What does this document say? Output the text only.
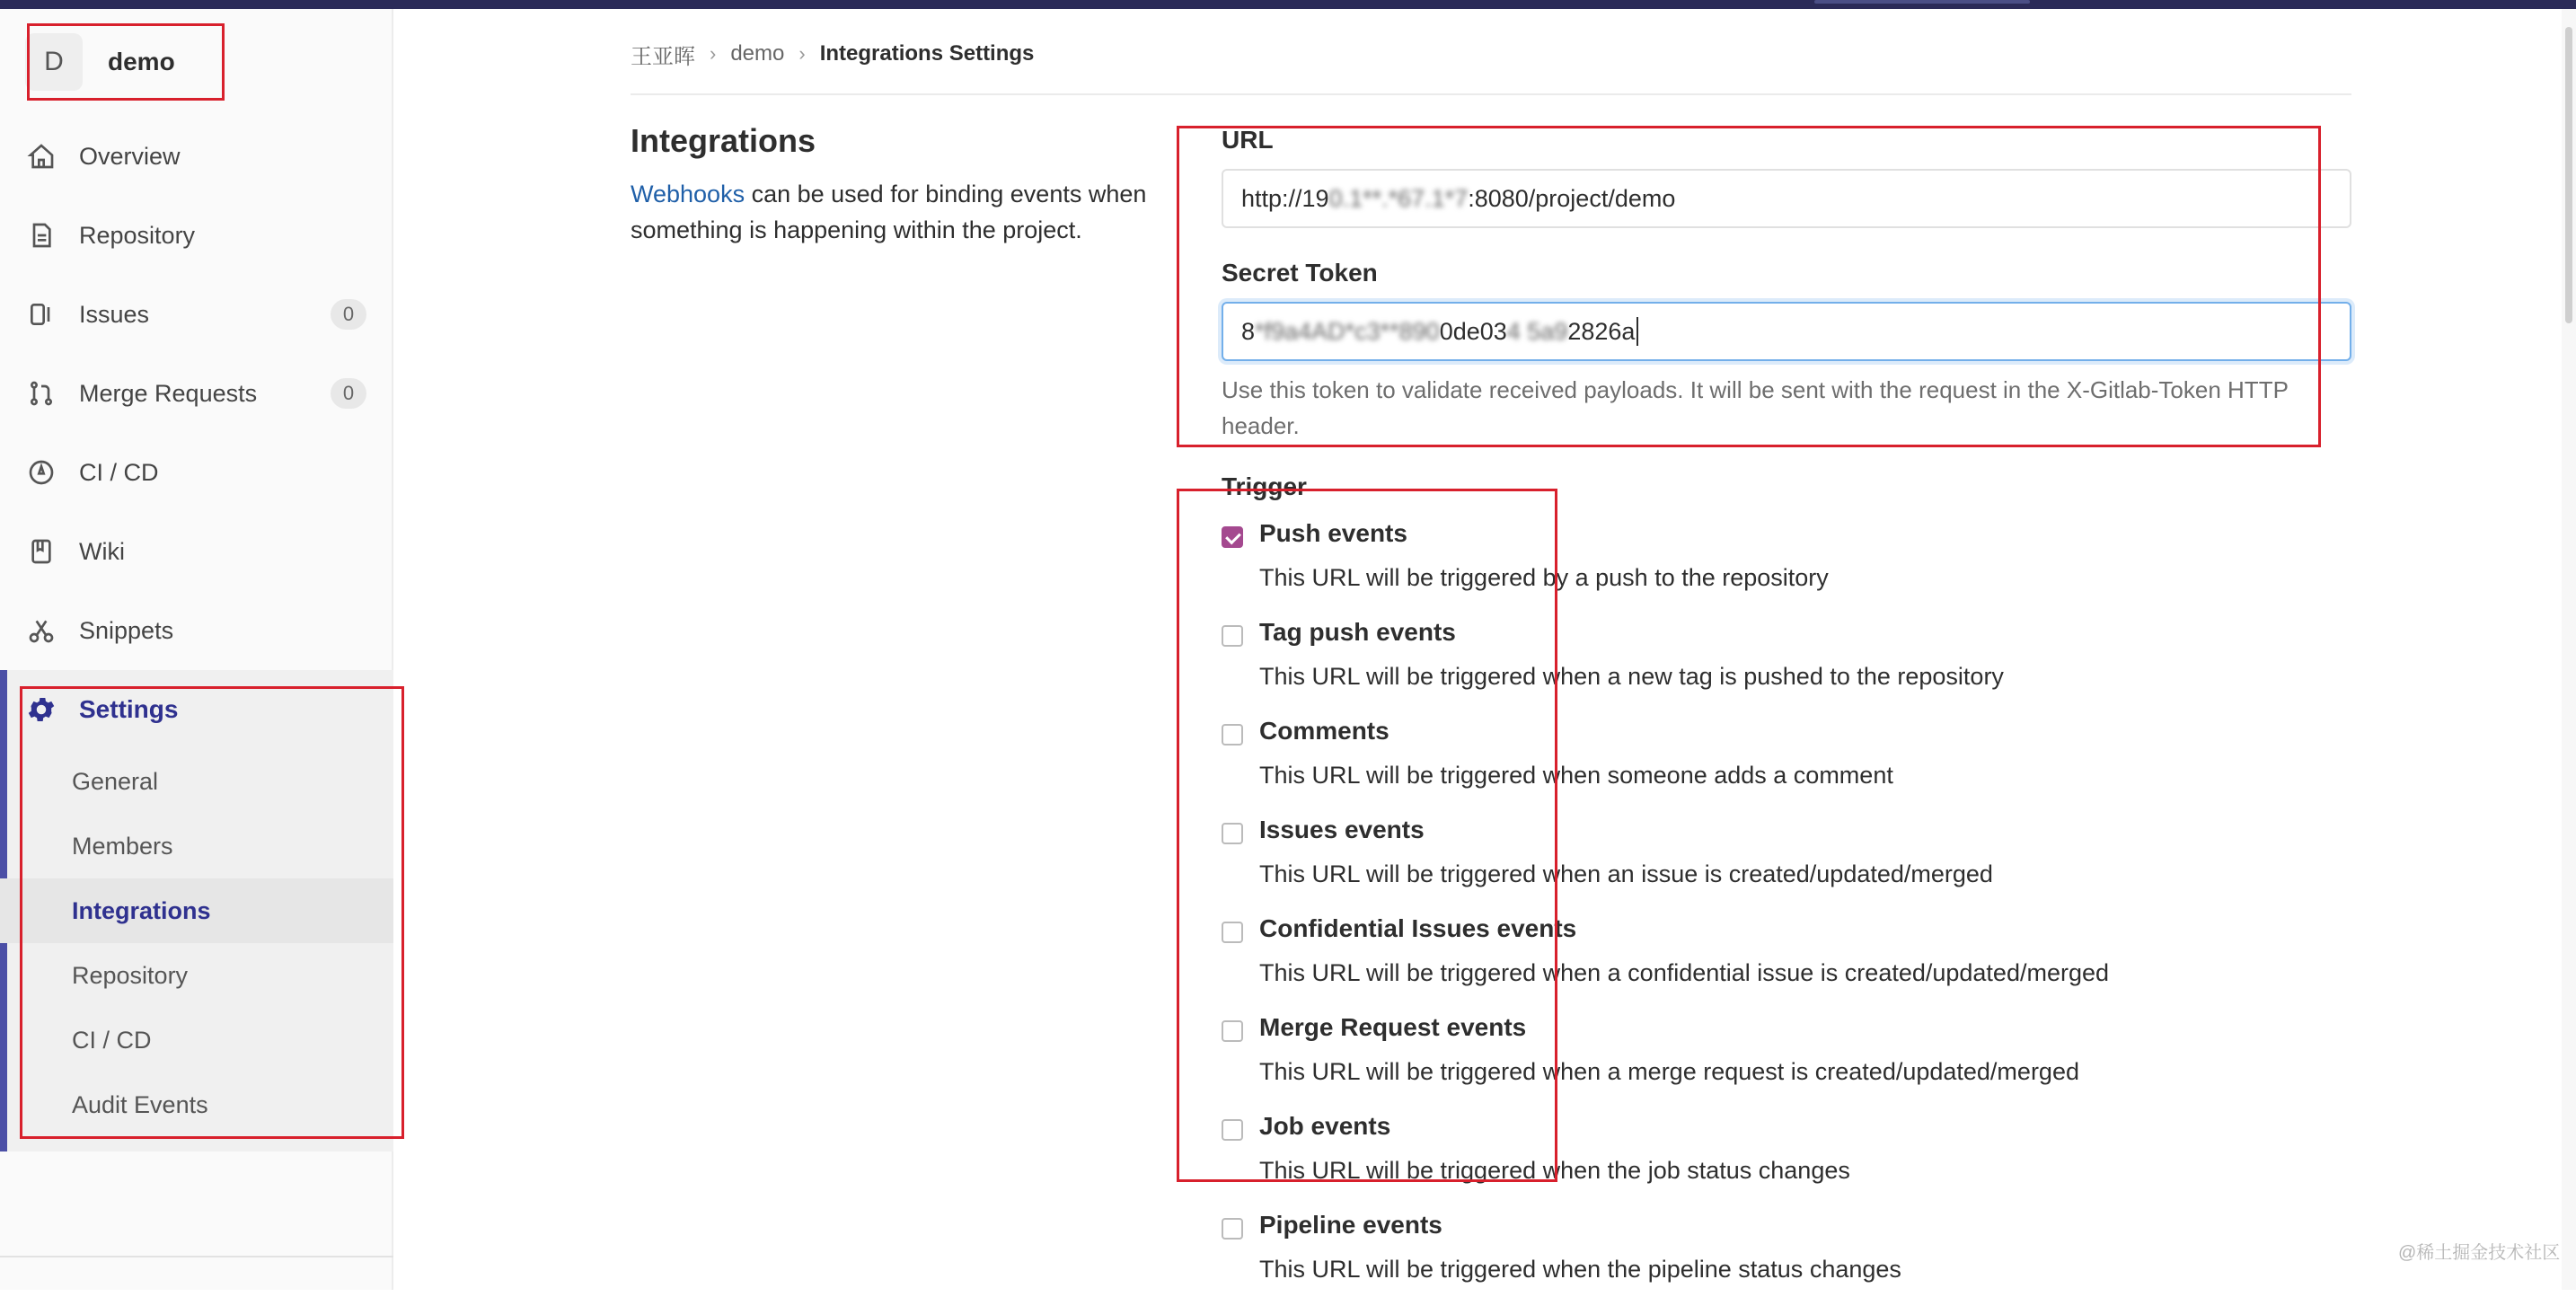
D	demo
Overview
Repository
Issues	0
Merge Requests	0
CI / CD
Wiki
Snippets
Settings
General
Members
Integrations
Repository
CI / CD
Audit Events
王亚晖 › demo › Integrations Settings
Integrations
Webhooks can be used for binding events when something is happening within the project.
URL
http://19 0.1**.*67.1*7 :8080/project/demo
Secret Token
8 *f9a4AD*c3**890 0de03 4 5a9 2826a
Use this token to validate received payloads. It will be sent with the request in the X-Gitlab-Token HTTP header.
Trigger
Push events
This URL will be triggered by a push to the repository
Tag push events
This URL will be triggered when a new tag is pushed to the repository
Comments
This URL will be triggered when someone adds a comment
Issues events
This URL will be triggered when an issue is created/updated/merged
Confidential Issues events
This URL will be triggered when a confidential issue is created/updated/merged
Merge Request events
This URL will be triggered when a merge request is created/updated/merged
Job events
This URL will be triggered when the job status changes
Pipeline events
This URL will be triggered when the pipeline status changes
@稀土掘金技术社区
